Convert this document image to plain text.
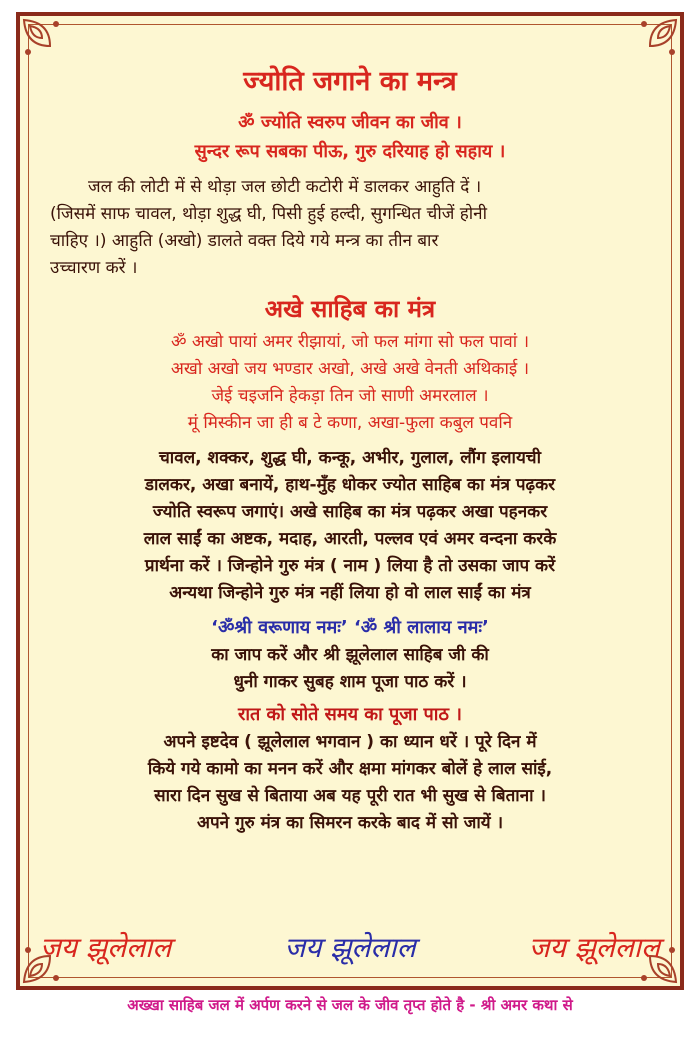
ज्योति जगाने का मन्त्र

ॐ ज्योति स्वरुप जीवन का जीव ।

सुन्दर रूप सबका पीऊ, गुरु दरियाह हो सहाय ।

जल की लोटी में से थोड़ा जल छोटी कटोरी में डालकर आहुति दें ।

(जिसमें साफ चावल, थोड़ा शुद्ध घी, पिसी हुई हल्दी, सुगन्धित चीजें होनी

चाहिए ।) आहुति (अखो) डालते वक्त दिये गये मन्त्र का तीन बार

उच्चारण करें ।

अखे साहिब का मंत्र

ॐ अखो पायां अमर रीझायां, जो फल मांगा सो फल पावां ।

अखो अखो जय भण्डार अखो, अखे अखे वेनती अथिकाई ।

जेई चइजनि हेकड़ा तिन जो साणी अमरलाल ।

मूं मिस्कीन जा ही ब टे कणा, अखा-फुला कबुल पवनि

चावल, शक्कर, शुद्ध घी, कन्कू, अभीर, गुलाल, लौंग इलायची

डालकर, अखा बनायें, हाथ-मुँह धोकर ज्योत साहिब का मंत्र पढ़कर

ज्योति स्वरूप जगाएं। अखे साहिब का मंत्र पढ़कर अखा पहनकर

लाल साईं का अष्टक, मदाह, आरती, पल्लव एवं अमर वन्दना करके

प्रार्थना करें । जिन्होने गुरु मंत्र ( नाम ) लिया है तो उसका जाप करें

अन्यथा जिन्होने गुरु मंत्र नहीं लिया हो वो लाल साईं का मंत्र

‘ॐश्री वरूणाय नमः’ ‘ॐ श्री लालाय नमः’

का जाप करें और श्री झूलेलाल साहिब जी की

धुनी गाकर सुबह शाम पूजा पाठ करें ।

रात को सोते समय का पूजा पाठ ।

अपने इष्टदेव ( झूलेलाल भगवान ) का ध्यान धरें । पूरे दिन में

किये गये कामो का मनन करें और क्षमा मांगकर बोलें हे लाल सांई,

सारा दिन सुख से बिताया अब यह पूरी रात भी सुख से बिताना ।

अपने गुरु मंत्र का सिमरन करके बाद में सो जायें ।

जय झूलेलाल	जय झूलेलाल	जय झूलेलाल
अख्खा साहिब जल में अर्पण करने से जल के जीव तृप्त होते है - श्री अमर कथा से
